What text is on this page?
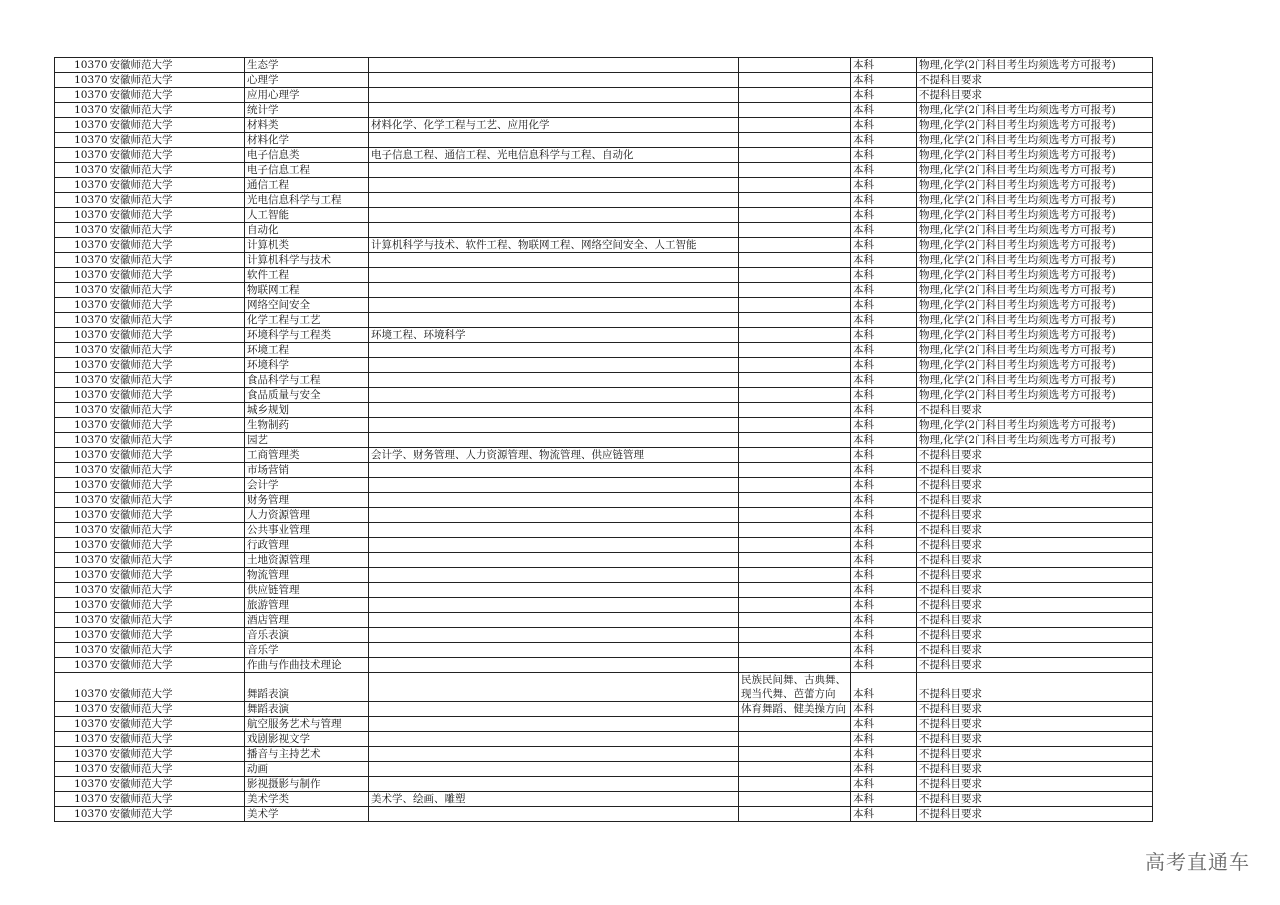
10370	安徽师范大学	生态学			本科	物理,化学(2门科目考生均须选考方可报考)
10370	安徽师范大学	心理学			本科	不提科目要求
10370	安徽师范大学	应用心理学			本科	不提科目要求
10370	安徽师范大学	统计学			本科	物理,化学(2门科目考生均须选考方可报考)
10370	安徽师范大学	材料类	材料化学、化学工程与工艺、应用化学		本科	物理,化学(2门科目考生均须选考方可报考)
10370	安徽师范大学	材料化学			本科	物理,化学(2门科目考生均须选考方可报考)
10370	安徽师范大学	电子信息类	电子信息工程、通信工程、光电信息科学与工程、自动化		本科	物理,化学(2门科目考生均须选考方可报考)
10370	安徽师范大学	电子信息工程			本科	物理,化学(2门科目考生均须选考方可报考)
10370	安徽师范大学	通信工程			本科	物理,化学(2门科目考生均须选考方可报考)
10370	安徽师范大学	光电信息科学与工程			本科	物理,化学(2门科目考生均须选考方可报考)
10370	安徽师范大学	人工智能			本科	物理,化学(2门科目考生均须选考方可报考)
10370	安徽师范大学	自动化			本科	物理,化学(2门科目考生均须选考方可报考)
10370	安徽师范大学	计算机类	计算机科学与技术、软件工程、物联网工程、网络空间安全、人工智能		本科	物理,化学(2门科目考生均须选考方可报考)
10370	安徽师范大学	计算机科学与技术			本科	物理,化学(2门科目考生均须选考方可报考)
10370	安徽师范大学	软件工程			本科	物理,化学(2门科目考生均须选考方可报考)
10370	安徽师范大学	物联网工程			本科	物理,化学(2门科目考生均须选考方可报考)
10370	安徽师范大学	网络空间安全			本科	物理,化学(2门科目考生均须选考方可报考)
10370	安徽师范大学	化学工程与工艺			本科	物理,化学(2门科目考生均须选考方可报考)
10370	安徽师范大学	环境科学与工程类	环境工程、环境科学		本科	物理,化学(2门科目考生均须选考方可报考)
10370	安徽师范大学	环境工程			本科	物理,化学(2门科目考生均须选考方可报考)
10370	安徽师范大学	环境科学			本科	物理,化学(2门科目考生均须选考方可报考)
10370	安徽师范大学	食品科学与工程			本科	物理,化学(2门科目考生均须选考方可报考)
10370	安徽师范大学	食品质量与安全			本科	物理,化学(2门科目考生均须选考方可报考)
10370	安徽师范大学	城乡规划			本科	不提科目要求
10370	安徽师范大学	生物制药			本科	物理,化学(2门科目考生均须选考方可报考)
10370	安徽师范大学	园艺			本科	物理,化学(2门科目考生均须选考方可报考)
10370	安徽师范大学	工商管理类	会计学、财务管理、人力资源管理、物流管理、供应链管理		本科	不提科目要求
10370	安徽师范大学	市场营销			本科	不提科目要求
10370	安徽师范大学	会计学			本科	不提科目要求
10370	安徽师范大学	财务管理			本科	不提科目要求
10370	安徽师范大学	人力资源管理			本科	不提科目要求
10370	安徽师范大学	公共事业管理			本科	不提科目要求
10370	安徽师范大学	行政管理			本科	不提科目要求
10370	安徽师范大学	土地资源管理			本科	不提科目要求
10370	安徽师范大学	物流管理			本科	不提科目要求
10370	安徽师范大学	供应链管理			本科	不提科目要求
10370	安徽师范大学	旅游管理			本科	不提科目要求
10370	安徽师范大学	酒店管理			本科	不提科目要求
10370	安徽师范大学	音乐表演			本科	不提科目要求
10370	安徽师范大学	音乐学			本科	不提科目要求
10370	安徽师范大学	作曲与作曲技术理论			本科	不提科目要求
10370	安徽师范大学	舞蹈表演		民族民间舞、古典舞、现当代舞、芭蕾方向	本科	不提科目要求
10370	安徽师范大学	舞蹈表演		体育舞蹈、健美操方向	本科	不提科目要求
10370	安徽师范大学	航空服务艺术与管理			本科	不提科目要求
10370	安徽师范大学	戏剧影视文学			本科	不提科目要求
10370	安徽师范大学	播音与主持艺术			本科	不提科目要求
10370	安徽师范大学	动画			本科	不提科目要求
10370	安徽师范大学	影视摄影与制作			本科	不提科目要求
10370	安徽师范大学	美术学类	美术学、绘画、雕塑		本科	不提科目要求
10370	安徽师范大学	美术学			本科	不提科目要求
高考直通车
